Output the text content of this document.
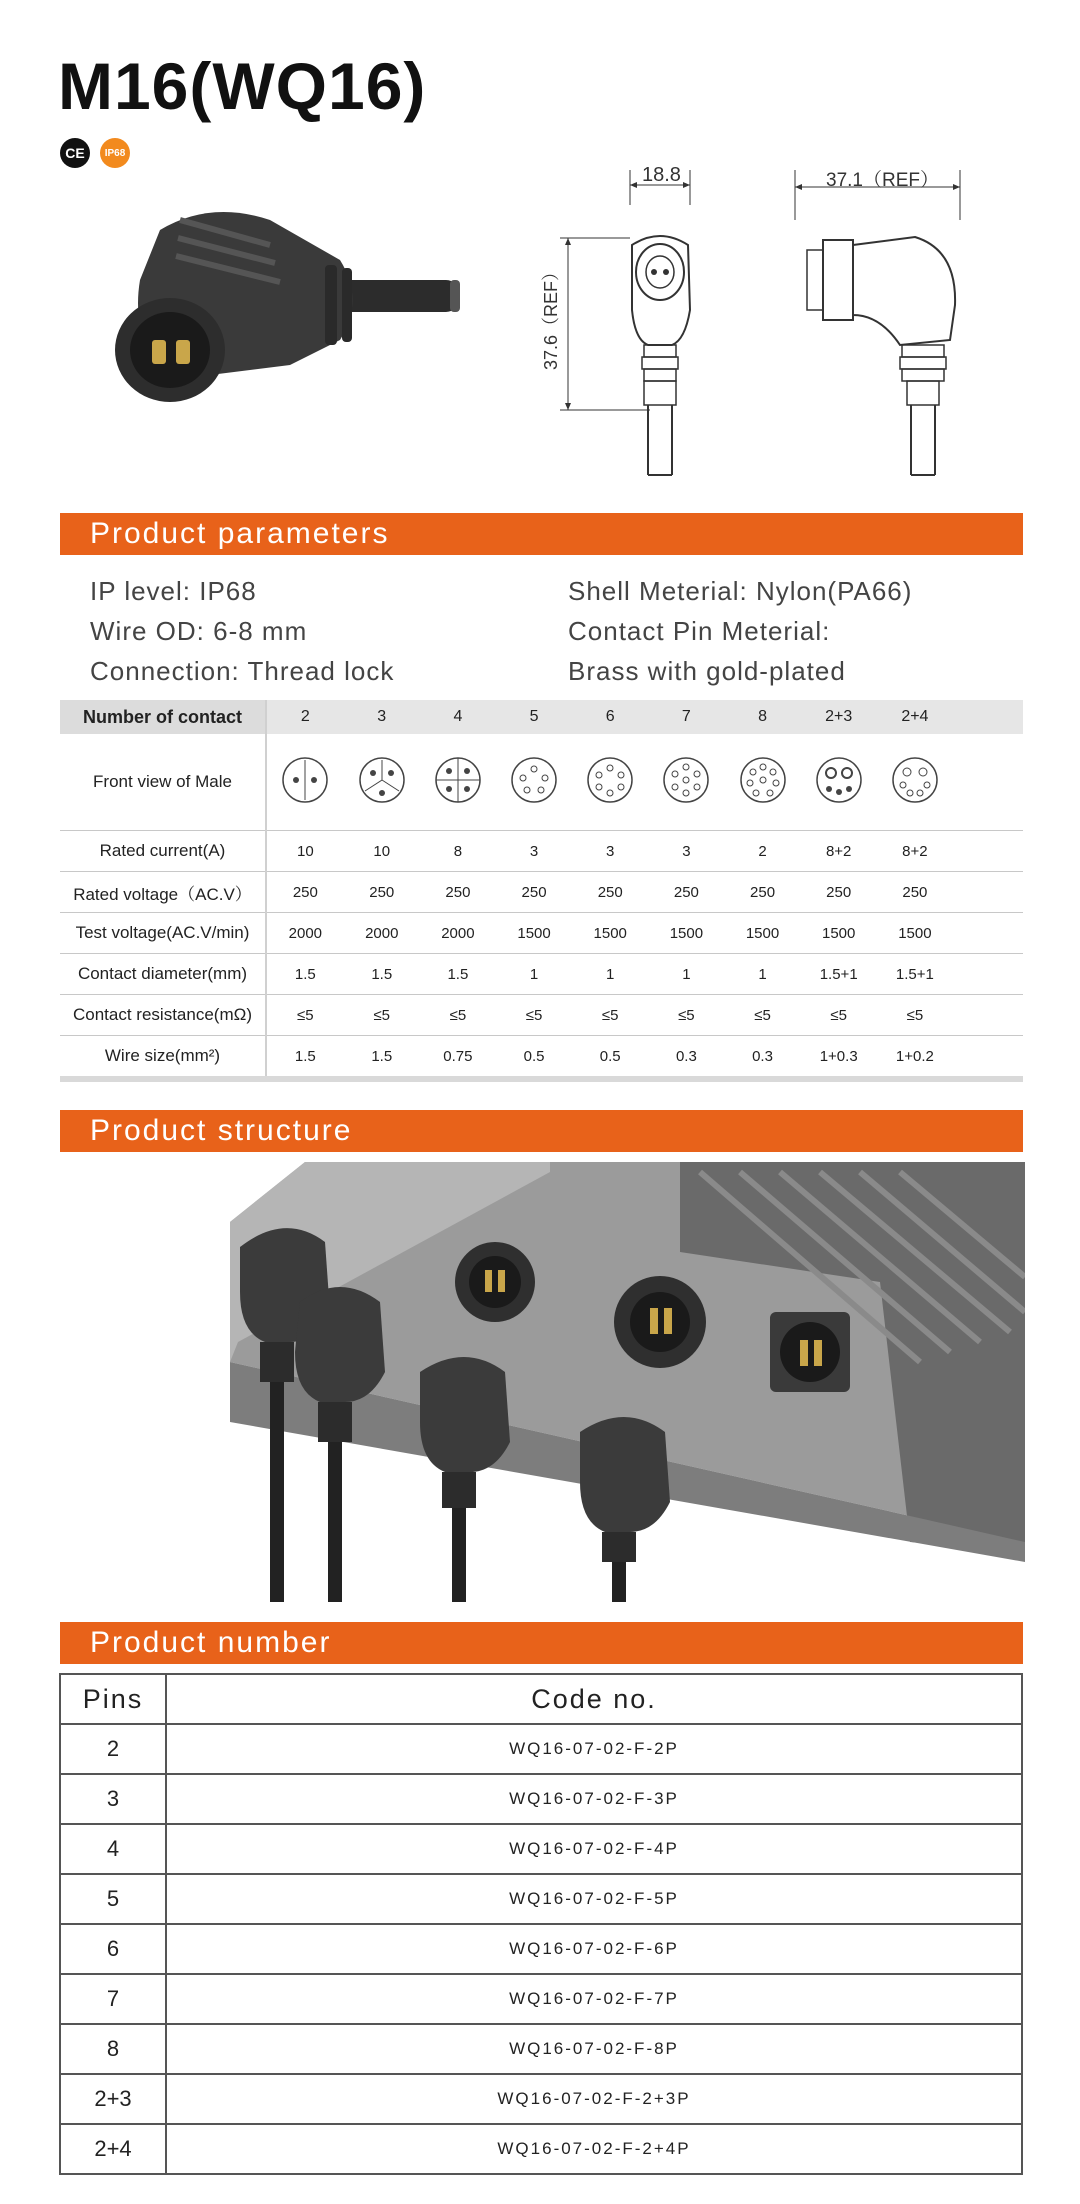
M16(WQ16)
CE	IP68
18.8
37.6（REF）
37.1（REF）
Product parameters
IP level: IP68
Wire OD: 6-8 mm
Connection: Thread lock
Shell Meterial: Nylon(PA66)
Contact Pin Meterial:
Brass with gold-plated
Number of contact	2	3	4	5	6	7	8	2+3	2+4	
Front view of Male										
Rated current(A)	10	10	8	3	3	3	2	8+2	8+2	
Rated voltage（AC.V）	250	250	250	250	250	250	250	250	250	
Test voltage(AC.V/min)	2000	2000	2000	1500	1500	1500	1500	1500	1500	
Contact diameter(mm)	1.5	1.5	1.5	1	1	1	1	1.5+1	1.5+1	
Contact resistance(mΩ)	≤5	≤5	≤5	≤5	≤5	≤5	≤5	≤5	≤5	
Wire size(mm²)	1.5	1.5	0.75	0.5	0.5	0.3	0.3	1+0.3	1+0.2	
Product structure
Product number
Pins	Code no.
2	WQ16-07-02-F-2P
3	WQ16-07-02-F-3P
4	WQ16-07-02-F-4P
5	WQ16-07-02-F-5P
6	WQ16-07-02-F-6P
7	WQ16-07-02-F-7P
8	WQ16-07-02-F-8P
2+3	WQ16-07-02-F-2+3P
2+4	WQ16-07-02-F-2+4P
